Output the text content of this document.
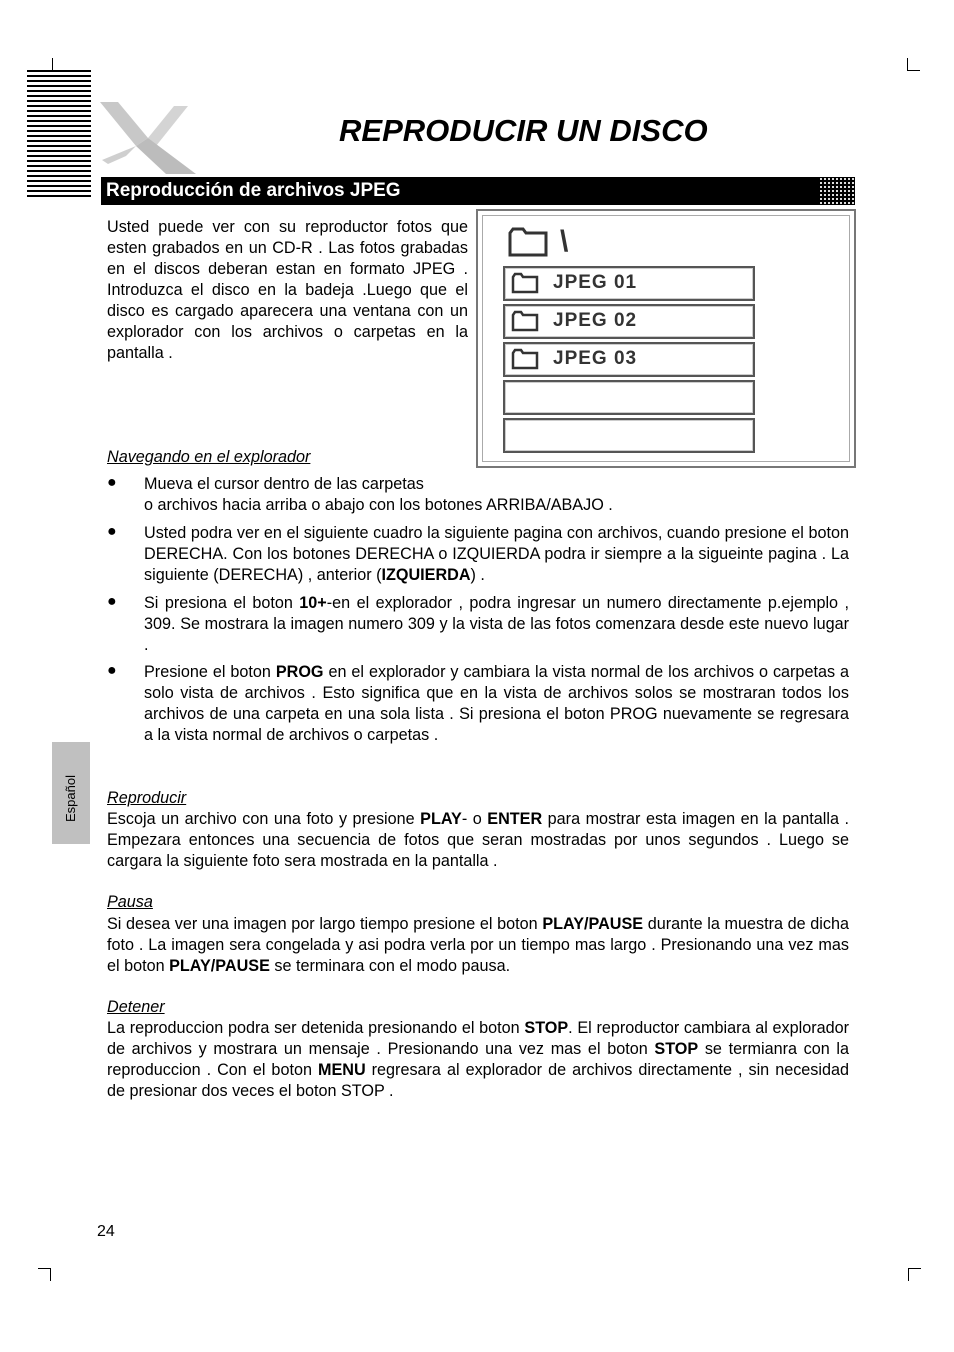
REPRODUCIR UN DISCO
Reproducción de archivos JPEG

Usted puede ver con su reproductor fotos que esten grabados en un CD-R . Las fotos grabadas en el discos deberan estan en formato JPEG . Introduzca el disco en la badeja .Luego que el disco es cargado aparecera una ventana con un explorador con los archivos o carpetas en la pantalla .

\
JPEG 01
JPEG 02
JPEG 03

Navegando en el explorador

● Mueva el cursor dentro de las carpetas

o archivos hacia arriba o abajo con los botones ARRIBA/ABAJO .

● Usted podra ver en el siguiente cuadro la siguiente pagina con archivos, cuando presione el boton DERECHA. Con los botones DERECHA o IZQUIERDA podra ir siempre a la sigueinte pagina . La siguiente (DERECHA) , anterior (IZQUIERDA) .

● Si presiona el boton 10+-en el explorador , podra ingresar un numero directamente p.ejemplo , 309. Se mostrara la imagen numero 309 y la vista de las fotos comenzara desde este nuevo lugar .

● Presione el boton PROG en el explorador y cambiara la vista normal de los archivos o carpetas a solo vista de archivos . Esto significa que en la vista de archivos solos se mostraran todos los archivos de una carpeta en una sola lista . Si presiona el boton PROG nuevamente se regresara a la vista normal de archivos o carpetas .

Español Reproducir

Escoja un archivo con una foto y presione PLAY- o ENTER para mostrar esta imagen en la pantalla . Empezara entonces una secuencia de fotos que seran mostradas por unos segundos . Luego se cargara la siguiente foto sera mostrada en la pantalla .

Pausa

Si desea ver una imagen por largo tiempo presione el boton PLAY/PAUSE durante la muestra de dicha foto . La imagen sera congelada y asi podra verla por un tiempo mas largo . Presionando una vez mas el boton PLAY/PAUSE se terminara con el modo pausa.

Detener

La reproduccion podra ser detenida presionando el boton STOP. El reproductor cambiara al explorador de archivos y mostrara un mensaje . Presionando una vez mas el boton STOP se termianra con la reproduccion . Con el boton MENU regresara al explorador de archivos directamente , sin necesidad de presionar dos veces el boton STOP .

24
